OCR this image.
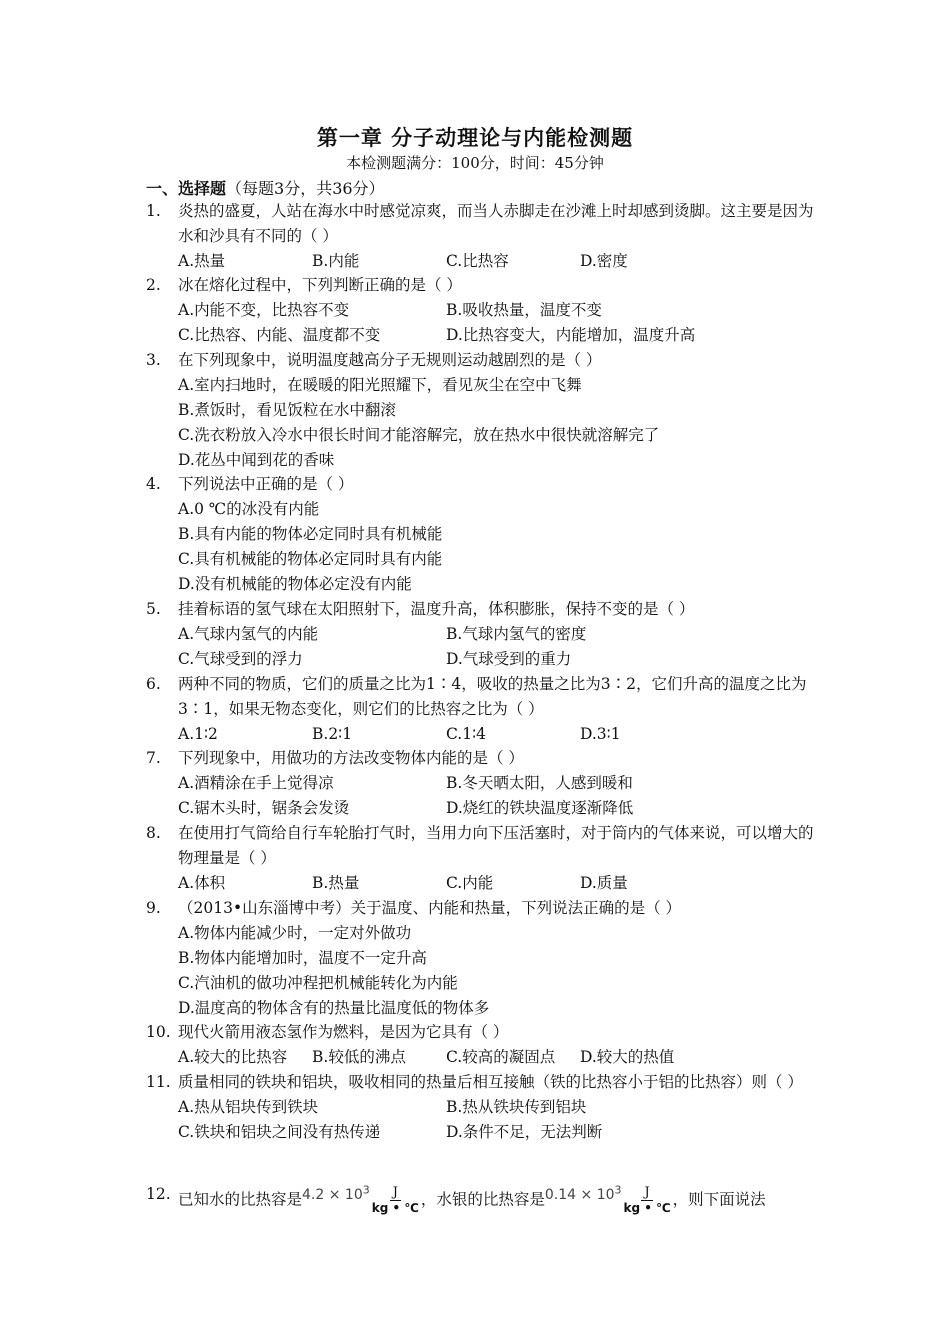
第一章 分子动理论与内能检测题
本检测题满分：100分，时间：45分钟
一、选择题（每题3分，共36分）
1.	炎热的盛夏，人站在海水中时感觉凉爽，而当人赤脚走在沙滩上时却感到烫脚。这主要是因为水和沙具有不同的（ ）
A.热量	B.内能	C.比热容	D.密度
2.	冰在熔化过程中，下列判断正确的是（ ）
A.内能不变，比热容不变	B.吸收热量，温度不变
C.比热容、内能、温度都不变	D.比热容变大，内能增加，温度升高
3.	在下列现象中，说明温度越高分子无规则运动越剧烈的是（ ）
A.室内扫地时，在暖暖的阳光照耀下，看见灰尘在空中飞舞
B.煮饭时，看见饭粒在水中翻滚
C.洗衣粉放入冷水中很长时间才能溶解完，放在热水中很快就溶解完了
D.花丛中闻到花的香味
4.	下列说法中正确的是（ ）
A.0 ℃的冰没有内能
B.具有内能的物体必定同时具有机械能
C.具有机械能的物体必定同时具有内能
D.没有机械能的物体必定没有内能
5.	挂着标语的氢气球在太阳照射下，温度升高，体积膨胀，保持不变的是（ ）
A.气球内氢气的内能	B.气球内氢气的密度
C.气球受到的浮力	D.气球受到的重力
6.	两种不同的物质，它们的质量之比为1∶4，吸收的热量之比为3∶2，它们升高的温度之比为3∶1，如果无物态变化，则它们的比热容之比为（ ）
A.1∶2	B.2∶1	C.1∶4	D.3∶1
7.	下列现象中，用做功的方法改变物体内能的是（ ）
A.酒精涂在手上觉得凉	B.冬天晒太阳，人感到暖和
C.锯木头时，锯条会发烫	D.烧红的铁块温度逐渐降低
8.	在使用打气筒给自行车轮胎打气时，当用力向下压活塞时，对于筒内的气体来说，可以增大的物理量是（ ）
A.体积	B.热量	C.内能	D.质量
9.	（2013•山东淄博中考）关于温度、内能和热量，下列说法正确的是（ ）
A.物体内能减少时，一定对外做功
B.物体内能增加时，温度不一定升高
C.汽油机的做功冲程把机械能转化为内能
D.温度高的物体含有的热量比温度低的物体多
10. 现代火箭用液态氢作为燃料，是因为它具有（ ）
A.较大的比热容 B.较低的沸点	C.较高的凝固点 D.较大的热值
11. 质量相同的铁块和铝块，吸收相同的热量后相互接触（铁的比热容小于铝的比热容）则（ ）
A.热从铝块传到铁块	B.热从铁块传到铝块
C.铁块和铝块之间没有热传递	D.条件不足，无法判断
12. 已知水的比热容是$4.2 \times 10^3 \frac{J}{kg • ℃}$ ，水银的比热容是$0.14 \times 10^3 \frac{J}{kg • ℃}$ ，则下面说法
